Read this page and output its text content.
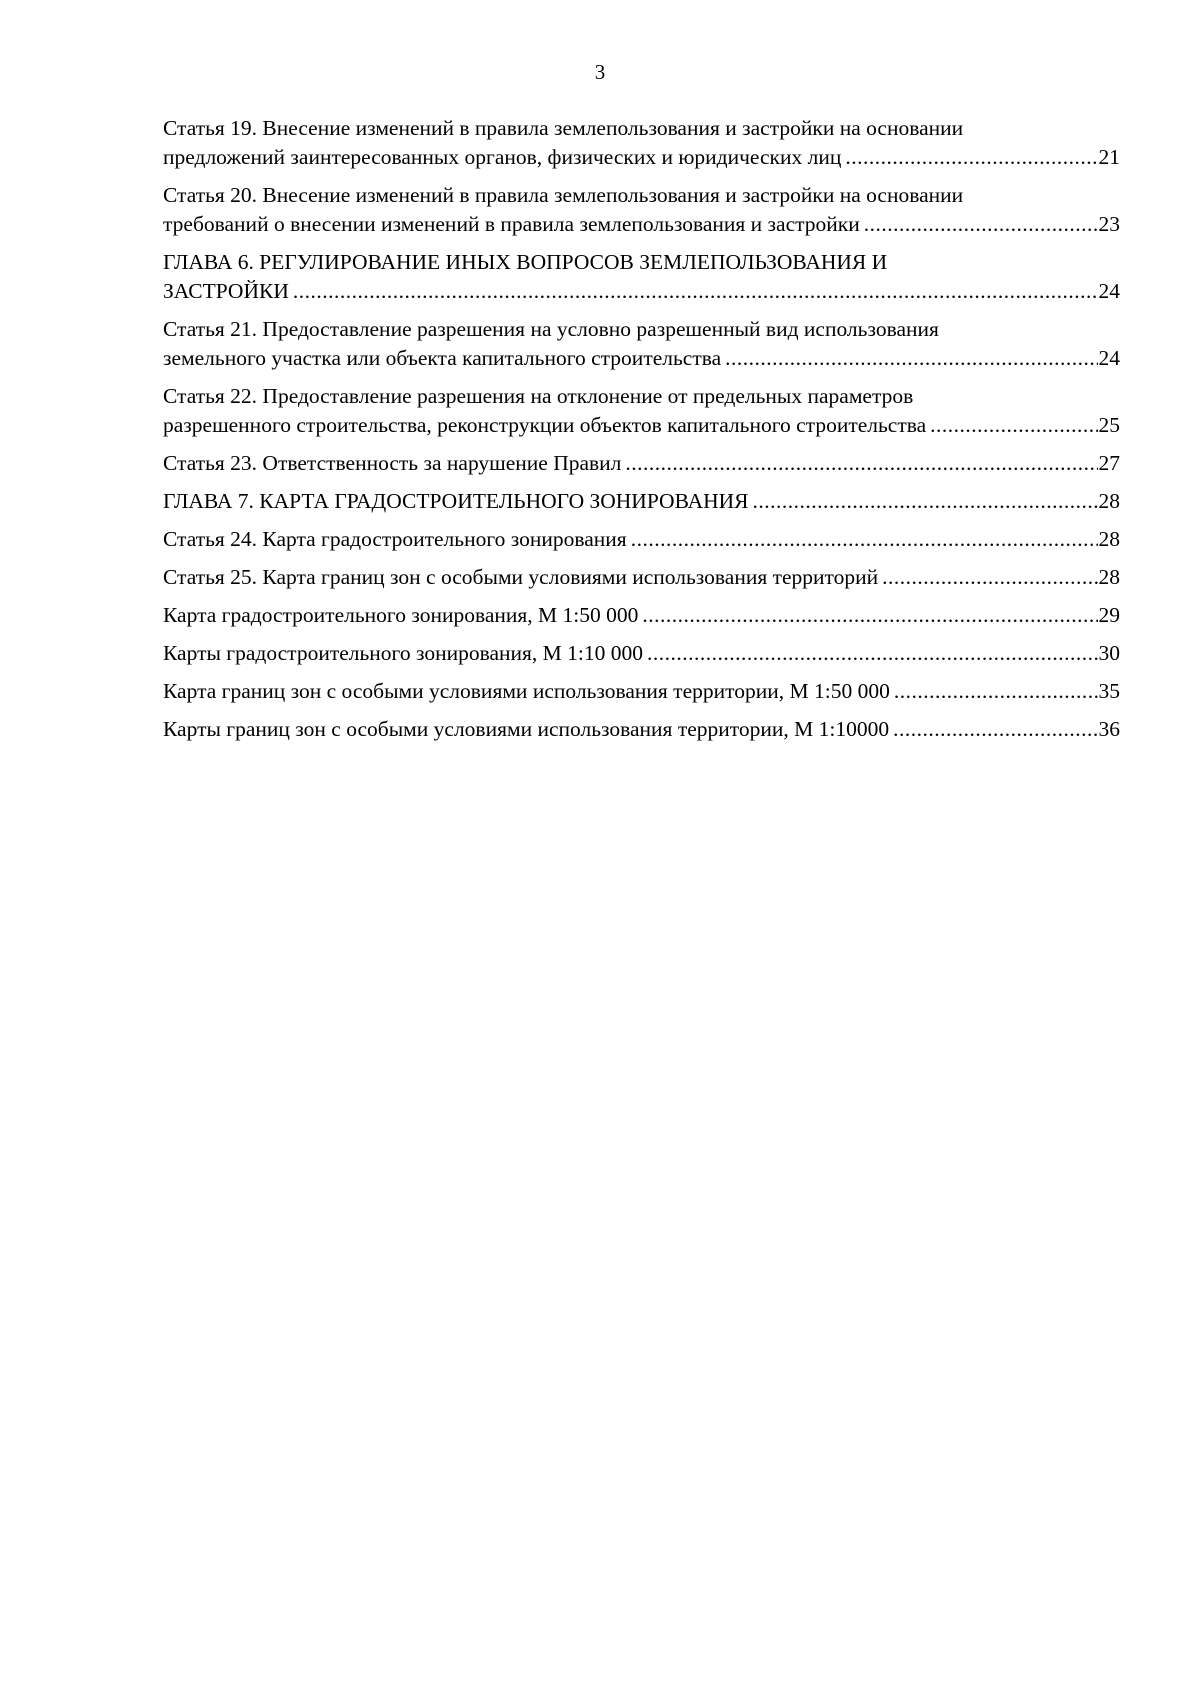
3
Статья 19. Внесение изменений в правила землепользования и застройки на основании
предложений заинтересованных органов, физических и юридических лиц .....	21
Статья 20. Внесение изменений в правила землепользования и застройки на основании
требований о внесении изменений в правила землепользования и застройки .....	23
ГЛАВА 6. РЕГУЛИРОВАНИЕ ИНЫХ ВОПРОСОВ ЗЕМЛЕПОЛЬЗОВАНИЯ И
ЗАСТРОЙКИ .....	24
Статья 21. Предоставление разрешения на условно разрешенный вид использования
земельного участка или объекта капитального строительства .....	24
Статья 22. Предоставление разрешения на отклонение от предельных параметров
разрешенного строительства, реконструкции объектов капитального строительства .....	25
Статья 23. Ответственность за нарушение Правил .....	27
ГЛАВА 7. КАРТА ГРАДОСТРОИТЕЛЬНОГО ЗОНИРОВАНИЯ .....	28
Статья 24. Карта градостроительного зонирования .....	28
Статья 25. Карта границ зон с особыми условиями использования территорий .....	28
Карта градостроительного зонирования, М 1:50 000 .....	29
Карты градостроительного зонирования, М 1:10 000 .....	30
Карта границ зон с особыми условиями использования территории, М 1:50 000 .....	35
Карты границ зон с особыми условиями использования территории, М 1:10000 .....	36
